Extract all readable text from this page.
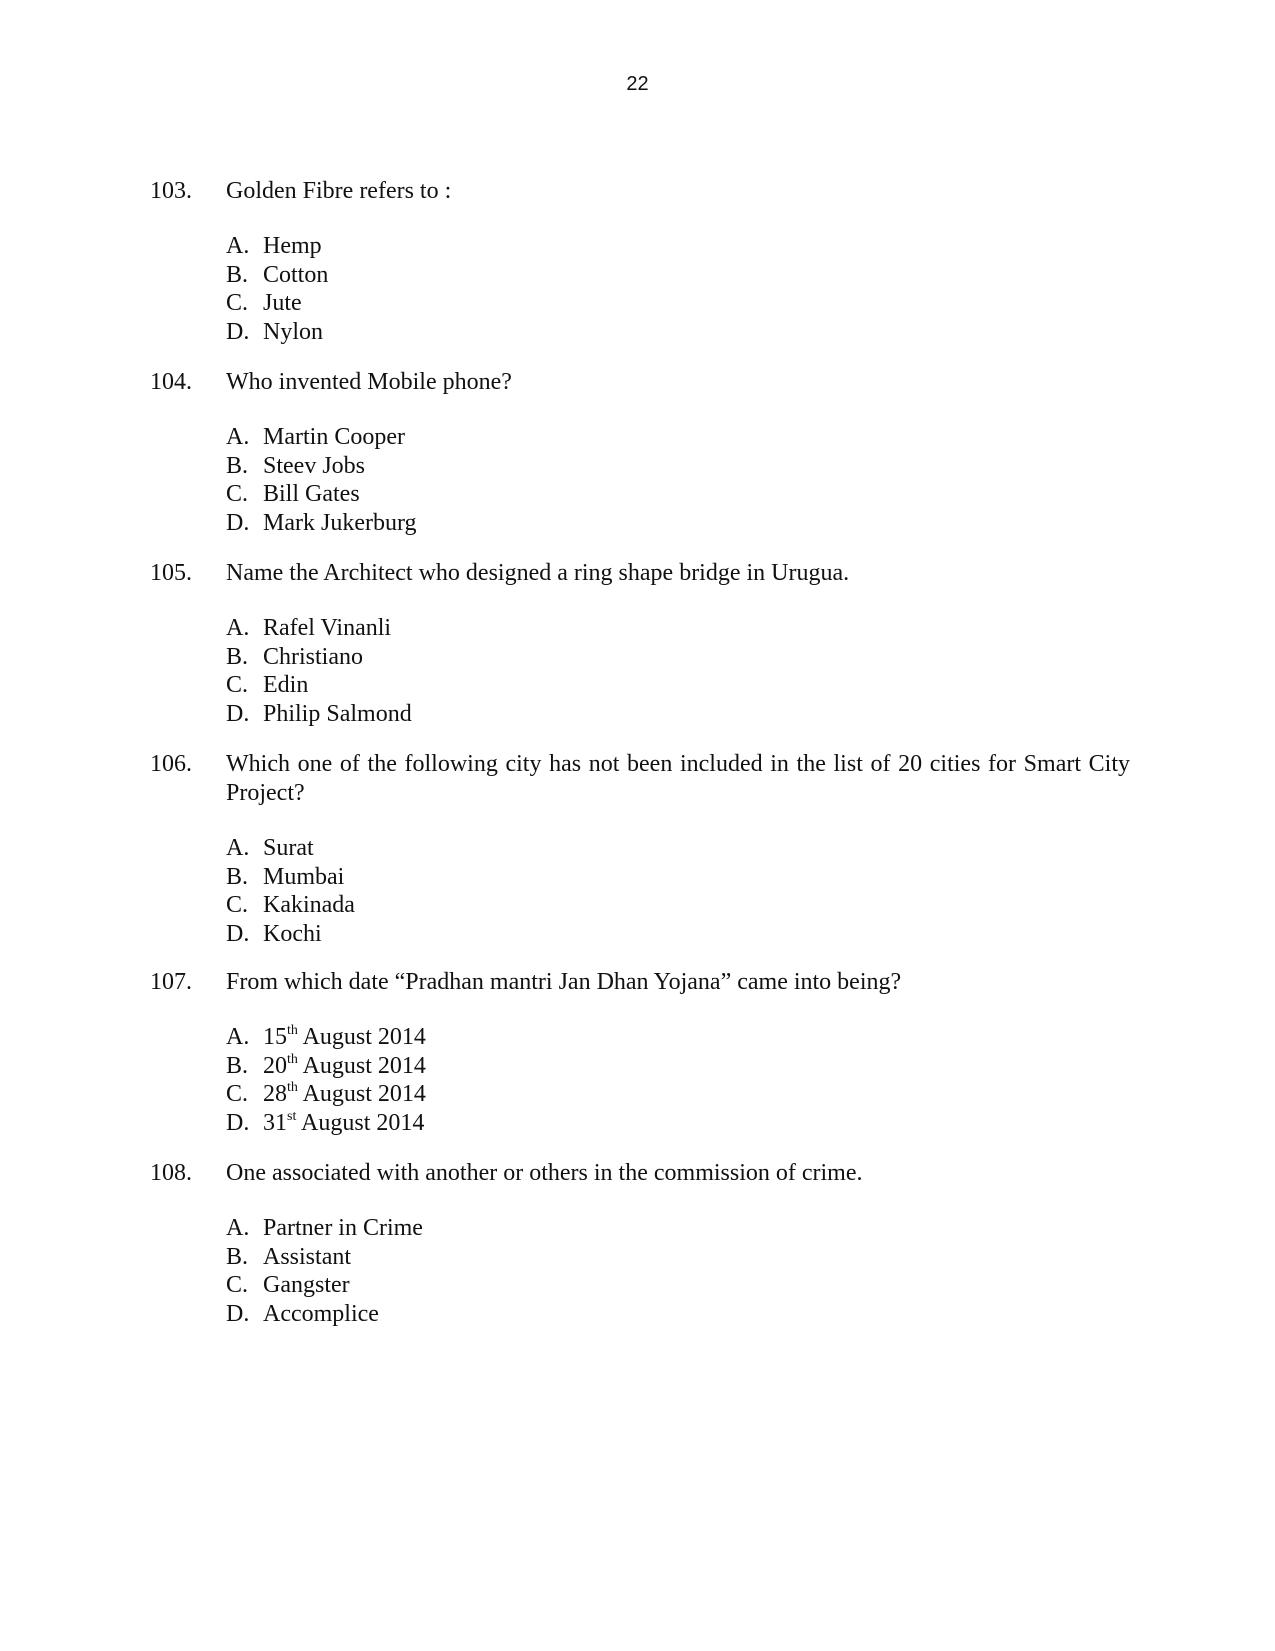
22
103.	Golden Fibre refers to :
A. Hemp
B. Cotton
C. Jute
D. Nylon
104.	Who invented Mobile phone?
A. Martin Cooper
B. Steev Jobs
C. Bill Gates
D. Mark Jukerburg
105.	Name the Architect who designed a ring shape bridge in Urugua.
A. Rafel Vinanli
B. Christiano
C. Edin
D. Philip Salmond
106.	Which one of the following city has not been included in the list of 20 cities for Smart City Project?
A. Surat
B. Mumbai
C. Kakinada
D. Kochi
107.	From which date “Pradhan mantri Jan Dhan Yojana” came into being?
A. 15th August 2014
B. 20th August 2014
C. 28th August 2014
D. 31st August 2014
108.	One associated with another or others in the commission of crime.
A. Partner in Crime
B. Assistant
C. Gangster
D. Accomplice
